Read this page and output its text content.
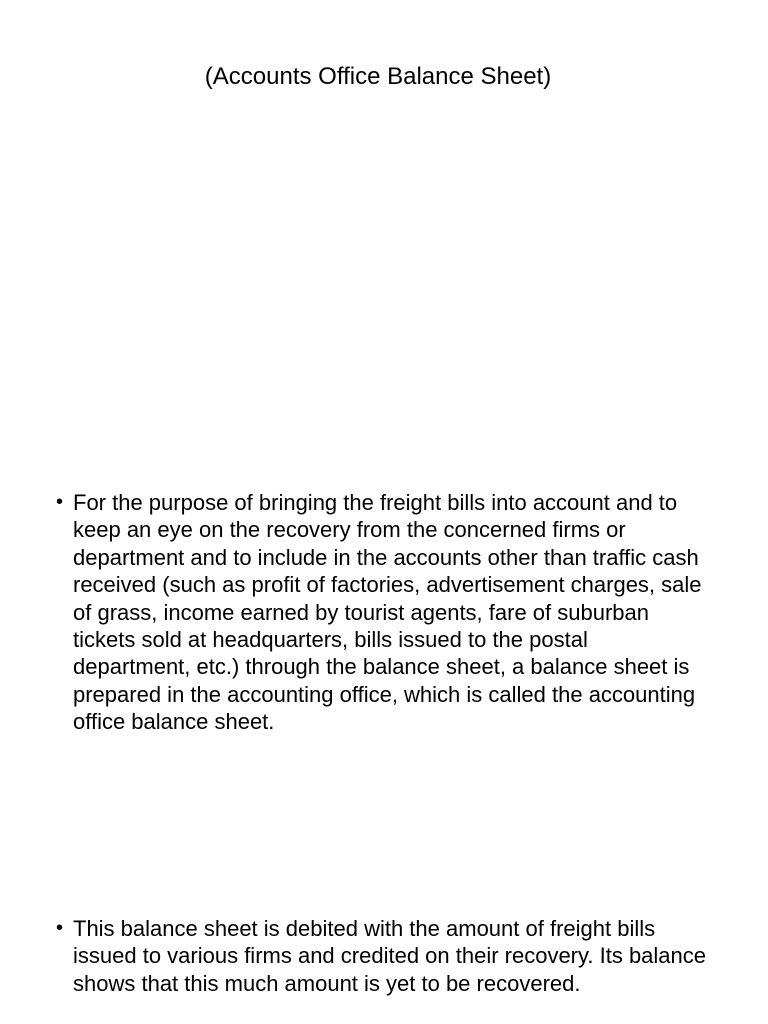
(Accounts Office Balance Sheet)
• For the purpose of bringing the freight bills into account and to keep an eye on the recovery from the concerned firms or department and to include in the accounts other than traffic cash received (such as profit of factories, advertisement charges, sale of grass, income earned by tourist agents, fare of suburban tickets sold at headquarters, bills issued to the postal department, etc.) through the balance sheet, a balance sheet is prepared in the accounting office, which is called the accounting office balance sheet.
• This balance sheet is debited with the amount of freight bills issued to various firms and credited on their recovery. Its balance shows that this much amount is yet to be recovered.
